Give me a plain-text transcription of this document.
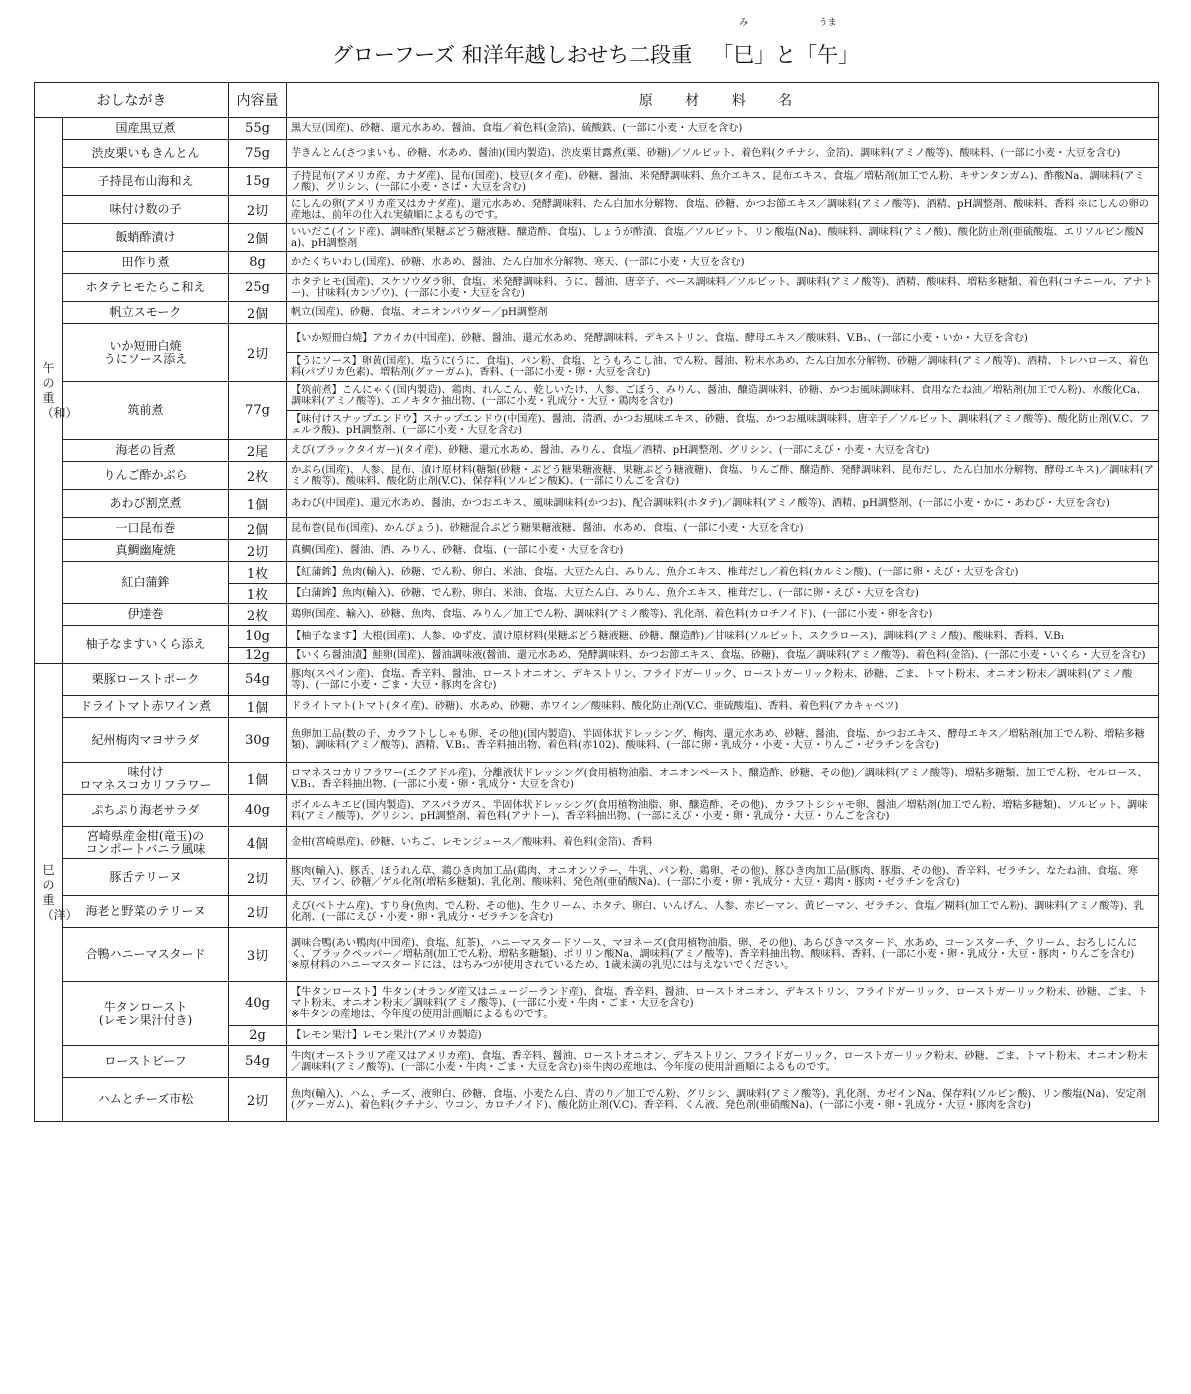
グローフーズ 和洋年越しおせち二段重 「
み
巳」と「
うま
午」
おしながき		内容量	原 材 料 名
午の重（和）	国産黒豆煮	55g	黒大豆(国産)、砂糖、還元水あめ、醤油、食塩／着色料(金箔)、硫酸鉄、(一部に小麦・大豆を含む)
	渋皮栗いもきんとん	75g	芋きんとん(さつまいも、砂糖、水あめ、醤油)(国内製造)、渋皮栗甘露煮(栗、砂糖)／ソルビット、着色料(クチナシ、金箔)、調味料(アミノ酸等)、酸味料、(一部に小麦・大豆を含む)
	子持昆布山海和え	15g	子持昆布(アメリカ産、カナダ産)、昆布(国産)、枝豆(タイ産)、砂糖、醤油、米発酵調味料、魚介エキス、昆布エキス、食塩／増粘剤(加工でん粉、キサンタンガム)、酢酸Na、調味料(アミノ酸)、グリシン、(一部に小麦・さば・大豆を含む)
	味付け数の子	2切	にしんの卵(アメリカ産又はカナダ産)、還元水あめ、発酵調味料、たん白加水分解物、食塩、砂糖、かつお節エキス／調味料(アミノ酸等)、酒精、pH調整剤、酸味料、香料 ※にしんの卵の産地は、前年の仕入れ実績順によるものです。
	飯蛸酢漬け	2個	いいだこ(インド産)、調味酢(果糖ぶどう糖液糖、醸造酢、食塩)、しょうが酢漬、食塩／ソルビット、リン酸塩(Na)、酸味料、調味料(アミノ酸)、酸化防止剤(亜硫酸塩、エリソルビン酸Na)、pH調整剤
	田作り煮	8g	かたくちいわし(国産)、砂糖、水あめ、醤油、たん白加水分解物、寒天、(一部に小麦・大豆を含む)
	ホタテヒモたらこ和え	25g	ホタテヒモ(国産)、スケソウダラ卵、食塩、米発酵調味料、うに、醤油、唐辛子、ベース調味料／ソルビット、調味料(アミノ酸等)、酒精、酸味料、増粘多糖類、着色料(コチニール、アナトー)、甘味料(カンゾウ)、(一部に小麦・大豆を含む)
	帆立スモーク	2個	帆立(国産)、砂糖、食塩、オニオンパウダー／pH調整剤
	いか短冊白焼
うにソース添え	2切	【いか短冊白焼】アカイカ(中国産)、砂糖、醤油、還元水あめ、発酵調味料、デキストリン、食塩、酵母エキス／酸味料、V.B₁、(一部に小麦・いか・大豆を含む)
			【うにソース】卵黄(国産)、塩うに(うに、食塩)、パン粉、食塩、とうもろこし油、でん粉、醤油、粉末水あめ、たん白加水分解物、砂糖／調味料(アミノ酸等)、酒精、トレハロース、着色料(パプリカ色素)、増粘剤(グァーガム)、香料、(一部に小麦・卵・大豆を含む)
	筑前煮	77g	【筑前煮】こんにゃく(国内製造)、鶏肉、れんこん、乾しいたけ、人参、ごぼう、みりん、醤油、醸造調味料、砂糖、かつお風味調味料、食用なたね油／増粘剤(加工でん粉)、水酸化Ca、調味料(アミノ酸等)、エノキタケ抽出物、(一部に小麦・乳成分・大豆・鶏肉を含む)
			【味付けスナップエンドウ】スナップエンドウ(中国産)、醤油、清酒、かつお風味エキス、砂糖、食塩、かつお風味調味料、唐辛子／ソルビット、調味料(アミノ酸等)、酸化防止剤(V.C、フェルラ酸)、pH調整剤、(一部に小麦・大豆を含む)
	海老の旨煮	2尾	えび(ブラックタイガー)(タイ産)、砂糖、還元水あめ、醤油、みりん、食塩／酒精、pH調整剤、グリシン、(一部にえび・小麦・大豆を含む)
	りんご酢かぶら	2枚	かぶら(国産)、人参、昆布、漬け原材料(糖類(砂糖・ぶどう糖果糖液糖、果糖ぶどう糖液糖)、食塩、りんご酢、醸造酢、発酵調味料、昆布だし、たん白加水分解物、酵母エキス)／調味料(アミノ酸等)、酸味料、酸化防止剤(V.C)、保存料(ソルビン酸K)、(一部にりんごを含む)
	あわび割烹煮	1個	あわび(中国産)、還元水あめ、醤油、かつおエキス、風味調味料(かつお)、配合調味料(ホタテ)／調味料(アミノ酸等)、酒精、pH調整剤、(一部に小麦・かに・あわび・大豆を含む)
	一口昆布巻	2個	昆布巻(昆布(国産)、かんぴょう)、砂糖混合ぶどう糖果糖液糖、醤油、水あめ、食塩、(一部に小麦・大豆を含む)
	真鯛幽庵焼	2切	真鯛(国産)、醤油、酒、みりん、砂糖、食塩、(一部に小麦・大豆を含む)
	紅白蒲鉾	1枚	【紅蒲鉾】魚肉(輸入)、砂糖、でん粉、卵白、米油、食塩、大豆たん白、みりん、魚介エキス、椎茸だし／着色料(カルミン酸)、(一部に卵・えび・大豆を含む)
		1枚	【白蒲鉾】魚肉(輸入)、砂糖、でん粉、卵白、米油、食塩、大豆たん白、みりん、魚介エキス、椎茸だし、(一部に卵・えび・大豆を含む)
	伊達巻	2枚	鶏卵(国産、輸入)、砂糖、魚肉、食塩、みりん／加工でん粉、調味料(アミノ酸等)、乳化剤、着色料(カロチノイド)、(一部に小麦・卵を含む)
	柚子なますいくら添え	10g	【柚子なます】大根(国産)、人参、ゆず皮、漬け原材料(果糖ぶどう糖液糖、砂糖、醸造酢)／甘味料(ソルビット、スクラロース)、調味料(アミノ酸)、酸味料、香料、V.B₁
		12g	【いくら醤油漬】鮭卵(国産)、醤油調味液(醤油、還元水あめ、発酵調味料、かつお節エキス、食塩、砂糖)、食塩／調味料(アミノ酸等)、着色料(金箔)、(一部に小麦・いくら・大豆を含む)
巳の重（洋）	栗豚ローストポーク	54g	豚肉(スペイン産)、食塩、香辛料、醤油、ローストオニオン、デキストリン、フライドガーリック、ローストガーリック粉末、砂糖、ごま、トマト粉末、オニオン粉末／調味料(アミノ酸等)、(一部に小麦・ごま・大豆・豚肉を含む)
	ドライトマト赤ワイン煮	1個	ドライトマト(トマト(タイ産)、砂糖)、水あめ、砂糖、赤ワイン／酸味料、酸化防止剤(V.C、亜硫酸塩)、香料、着色料(アカキャベツ)
	紀州梅肉マヨサラダ	30g	魚卵加工品(数の子、カラフトししゃも卵、その他)(国内製造)、半固体状ドレッシング、梅肉、還元水あめ、砂糖、醤油、食塩、かつおエキス、酵母エキス／増粘剤(加工でん粉、増粘多糖類)、調味料(アミノ酸等)、酒精、V.B₁、香辛料抽出物、着色料(赤102)、酸味料、(一部に卵・乳成分・小麦・大豆・りんご・ゼラチンを含む)
	味付け
ロマネスコカリフラワー	1個	ロマネスコカリフラワー(エクアドル産)、分離液状ドレッシング(食用植物油脂、オニオンペースト、醸造酢、砂糖、その他)／調味料(アミノ酸等)、増粘多糖類、加工でん粉、セルロース、V.B₁、香辛料抽出物、(一部に小麦・卵・乳成分・大豆を含む)
	ぷちぷり海老サラダ	40g	ボイルムキエビ(国内製造)、アスパラガス、半固体状ドレッシング(食用植物油脂、卵、醸造酢、その他)、カラフトシシャモ卵、醤油／増粘剤(加工でん粉、増粘多糖類)、ソルビット、調味料(アミノ酸等)、グリシン、pH調整剤、着色料(アナトー)、香辛料抽出物、(一部にえび・小麦・卵・乳成分・大豆・りんごを含む)
	宮崎県産金柑(竜玉)の
コンポートバニラ風味	4個	金柑(宮崎県産)、砂糖、いちご、レモンジュース／酸味料、着色料(金箔)、香料
	豚舌テリーヌ	2切	豚肉(輸入)、豚舌、ほうれん草、鶏ひき肉加工品(鶏肉、オニオンソテー、牛乳、パン粉、鶏卵、その他)、豚ひき肉加工品(豚肉、豚脂、その他)、香辛料、ゼラチン、なたね油、食塩、寒天、ワイン、砂糖／ゲル化剤(増粘多糖類)、乳化剤、酸味料、発色剤(亜硝酸Na)、(一部に小麦・卵・乳成分・大豆・鶏肉・豚肉・ゼラチンを含む)
	海老と野菜のテリーヌ	2切	えび(ベトナム産)、すり身(魚肉、でん粉、その他)、生クリーム、ホタテ、卵白、いんげん、人参、赤ピーマン、黄ピーマン、ゼラチン、食塩／糊料(加工でん粉)、調味料(アミノ酸等)、乳化剤、(一部にえび・小麦・卵・乳成分・ゼラチンを含む)
	合鴨ハニーマスタード	3切	調味合鴨(あい鴨肉(中国産)、食塩、紅茶)、ハニーマスタードソース、マヨネーズ(食用植物油脂、卵、その他)、あらびきマスタード、水あめ、コーンスターチ、クリーム、おろしにんにく、ブラックペッパー／増粘剤(加工でん粉、増粘多糖類)、ポリリン酸Na、調味料(アミノ酸等)、香辛料抽出物、酸味料、香料、(一部に小麦・卵・乳成分・大豆・豚肉・りんごを含む)
※原材料のハニーマスタードには、はちみつが使用されているため、1歳未満の乳児には与えないでください。
	牛タンロースト
(レモン果汁付き)	40g	【牛タンロースト】牛タン(オランダ産又はニュージーランド産)、食塩、香辛料、醤油、ローストオニオン、デキストリン、フライドガーリック、ローストガーリック粉末、砂糖、ごま、トマト粉末、オニオン粉末／調味料(アミノ酸等)、(一部に小麦・牛肉・ごま・大豆を含む)
※牛タンの産地は、今年度の使用計画順によるものです。
		2g	【レモン果汁】レモン果汁(アメリカ製造)
	ローストビーフ	54g	牛肉(オーストラリア産又はアメリカ産)、食塩、香辛料、醤油、ローストオニオン、デキストリン、フライドガーリック、ローストガーリック粉末、砂糖、ごま、トマト粉末、オニオン粉末／調味料(アミノ酸等)、(一部に小麦・牛肉・ごま・大豆を含む)※牛肉の産地は、今年度の使用計画順によるものです。
	ハムとチーズ市松	2切	魚肉(輸入)、ハム、チーズ、液卵白、砂糖、食塩、小麦たん白、青のり／加工でん粉、グリシン、調味料(アミノ酸等)、乳化剤、カゼインNa、保存料(ソルビン酸)、リン酸塩(Na)、安定剤(グァーガム)、着色料(クチナシ、ウコン、カロチノイド)、酸化防止剤(V.C)、香辛料、くん液、発色剤(亜硝酸Na)、(一部に小麦・卵・乳成分・大豆・豚肉を含む)
